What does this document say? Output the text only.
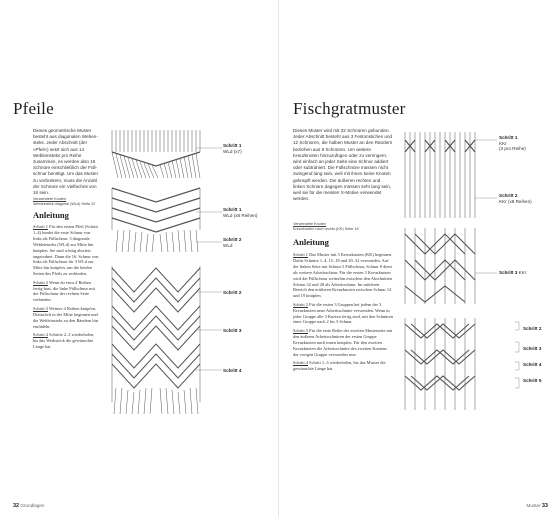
Pfeile
Dieses geometrische Muster besteht aus diagonalen Weben-steks. Jeder Abschnitt (der »Pfeil«) setzt sich aus 14 Webleinsteks pro Reihe zusammen, es werden also 16 Schnüre einschließlich der Füll-schnur benötigt. Um das Muster zu verbreitern, muss die Anzahl der Schnüre ein Vielfaches von 16 sein.
Verwendete Knoten
Webleinstek diagonal (WLd) Seite 22
Anleitung

Schritt 1 Für den ersten Pfeil (Schritt 1–4) bindet die erste Schnur von links als Füllschnur. 3 diagonale Webleinsteks (WLd) zur Mitte hin knüpfen. Sie sind schräg abwärts angeordnet. Dann die 16. Schnur von links als Füllschnur für 3 WLd zur Mitte hin knüpfen, um die beiden Seiten des Pfeils zu verbinden.

Schritt 2 Wenn du etwa 4 Reihen fertig hast, die linke Füllschnur mit der Füllschnur der rechten Seite verbinden.

Schritt 3 Weitere 4 Reihen knüpfen. Dienstlich in der Mitte beginnen und die Webleinsteks zu den Rändern hin einfädeln.

Schritt 4 Schritte 2–3 wiederholen, bis das Werkstück die gewünschte Länge hat.

Schritt 1
WLd (x7)
Schritt 1
WLd (x8 Reihen)
Schritt 2
WLd
Schritt 2
Schritt 3
Schritt 4
32 Grundlagen
Fischgratmuster
Dieses Muster wird mit 32 Schnüren gebunden. Jeder Abschnitt besteht aus 3 Festonstichen und 12 Schnüren, die halben Muster an den Rändern beziehen aus 8 Schnüren. Um weitere Kreuzknoten hinzuzufügen oder zu verringern, wird einfach an jeder Seite eine Schnur addiert oder subtrahiert. Die Füllschnüre müssen nicht zwingend lang sein, weil mit ihnen keine Knoten geknüpft werden. Die äußeren rechten und linken Schnüre dagegen müssen sehr lang sein, weil sie für die meisten X-Motive verwendet werden.
Verwendete Knoten
Kreuzknoten nach rechts (KK) Seite 18
Anleitung

Schritt 1 Das Muster mit 3 Kreuzknoten (KK) beginnen. Dafür Schnüre 1–4, 15–18 und 29–32 verwenden. Auf der linken Seite mit Schnur 5 Füllschnur, Schnur 8 dient als weitere Arbeitsschnur. Für die ersten 3 Kreuzknoten wird die Füllschnur weiterhin zwischen den Abschnitten Schnur 32 und 28 als Arbeitsschnur. Im mittleren Bereich den mittleren Kreuzknoten zwischen Schnur 14 und 19 knüpfen.

Schritt 2 Für die ersten 3 Gruppen bei jedem der 3 Kreuzknoten neue Arbeitsschnüre verwenden. Wenn in jeder Gruppe alle 3 Knoten fertig sind, mit den Schnüren einer Gruppe nach 2 bis 3 Schnur.

Schritt 3 Für die erste Reihe der zweiten Musterseite mit den äußeren Arbeitsschnüren der ersten Gruppe Kreuzknoten nach innen knüpfen. Für den zweiten Kreuzknoten die Arbeitsschnüre des zweiten Knotens der vorigen Gruppe verwenden usw.

Schritt 4 Schritt 1–3 wiederholen, bis das Muster die gewünschte Länge hat.

Schritt 1
KKr
(3 pro Reihe)
Schritt 2
KKr (x8 Reihen)
Schritt 3 KKr
Schritt 2
Schritt 3
Schritt 4
Schritt 5
Muster 33
